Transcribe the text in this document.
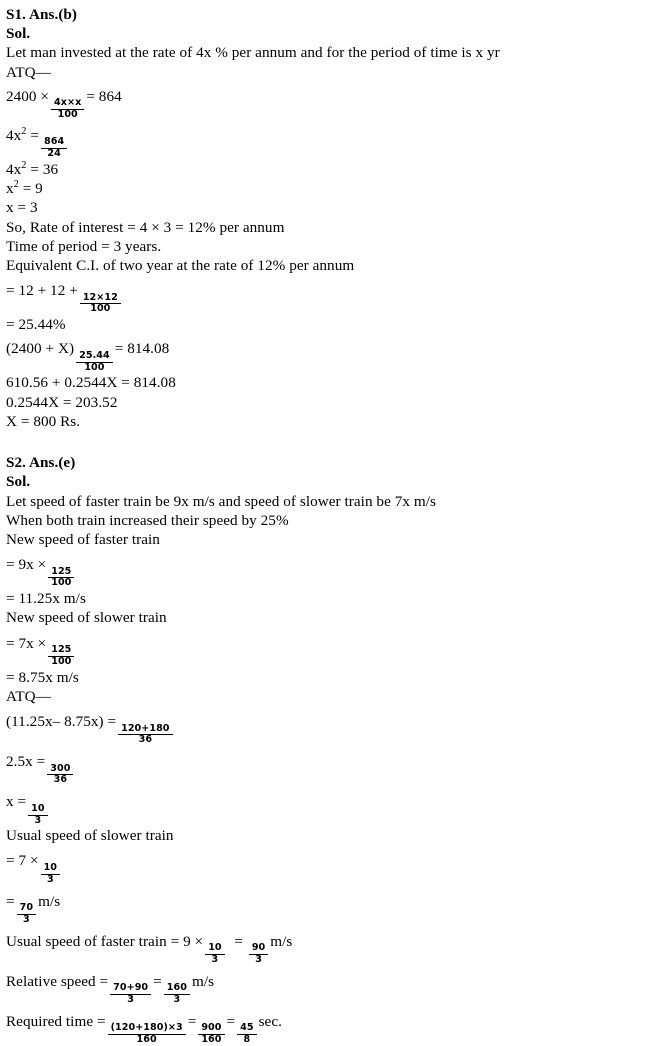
S1. Ans.(b)
Sol.
Let man invested at the rate of 4x % per annum and for the period of time is x yr
ATQ—
2400 ×
$\frac{4x\times x}{100}$
= 864
$4x^2$ =
$\frac{864}{24}$
$4x^2 = 36$
$x^2 = 9$
x = 3
So, Rate of interest = 4 × 3 = 12% per annum
Time of period = 3 years.
Equivalent C.I. of two year at the rate of 12% per annum
= 12 + 12 +
$\frac{12\times 12}{100}$
= 25.44%
(2400 + X)
$\frac{25.44}{100}$
= 814.08
610.56 + 0.2544X = 814.08
0.2544X = 203.52
X = 800 Rs.
S2. Ans.(e)
Sol.
Let speed of faster train be 9x m/s and speed of slower train be 7x m/s
When both train increased their speed by 25%
New speed of faster train
= 9x ×
$\frac{125}{100}$
= 11.25x m/s
New speed of slower train
= 7x ×
$\frac{125}{100}$
= 8.75x m/s
ATQ—
(11.25x– 8.75x) =
$\frac{120+180}{36}$
2.5x =
$\frac{300}{36}$
x =
$\frac{10}{3}$
Usual speed of slower train
= 7 ×
$\frac{10}{3}$
=
$\frac{70}{3}$
m/s
Usual speed of faster train = 9 ×
$\frac{10}{3}$
=
$\frac{90}{3}$
m/s
Relative speed =
$\frac{70+90}{3}$
=
$\frac{160}{3}$
m/s
Required time =
$\frac{(120+180)\times 3}{160}$
=
$\frac{900}{160}$
=
$\frac{45}{8}$
sec.
